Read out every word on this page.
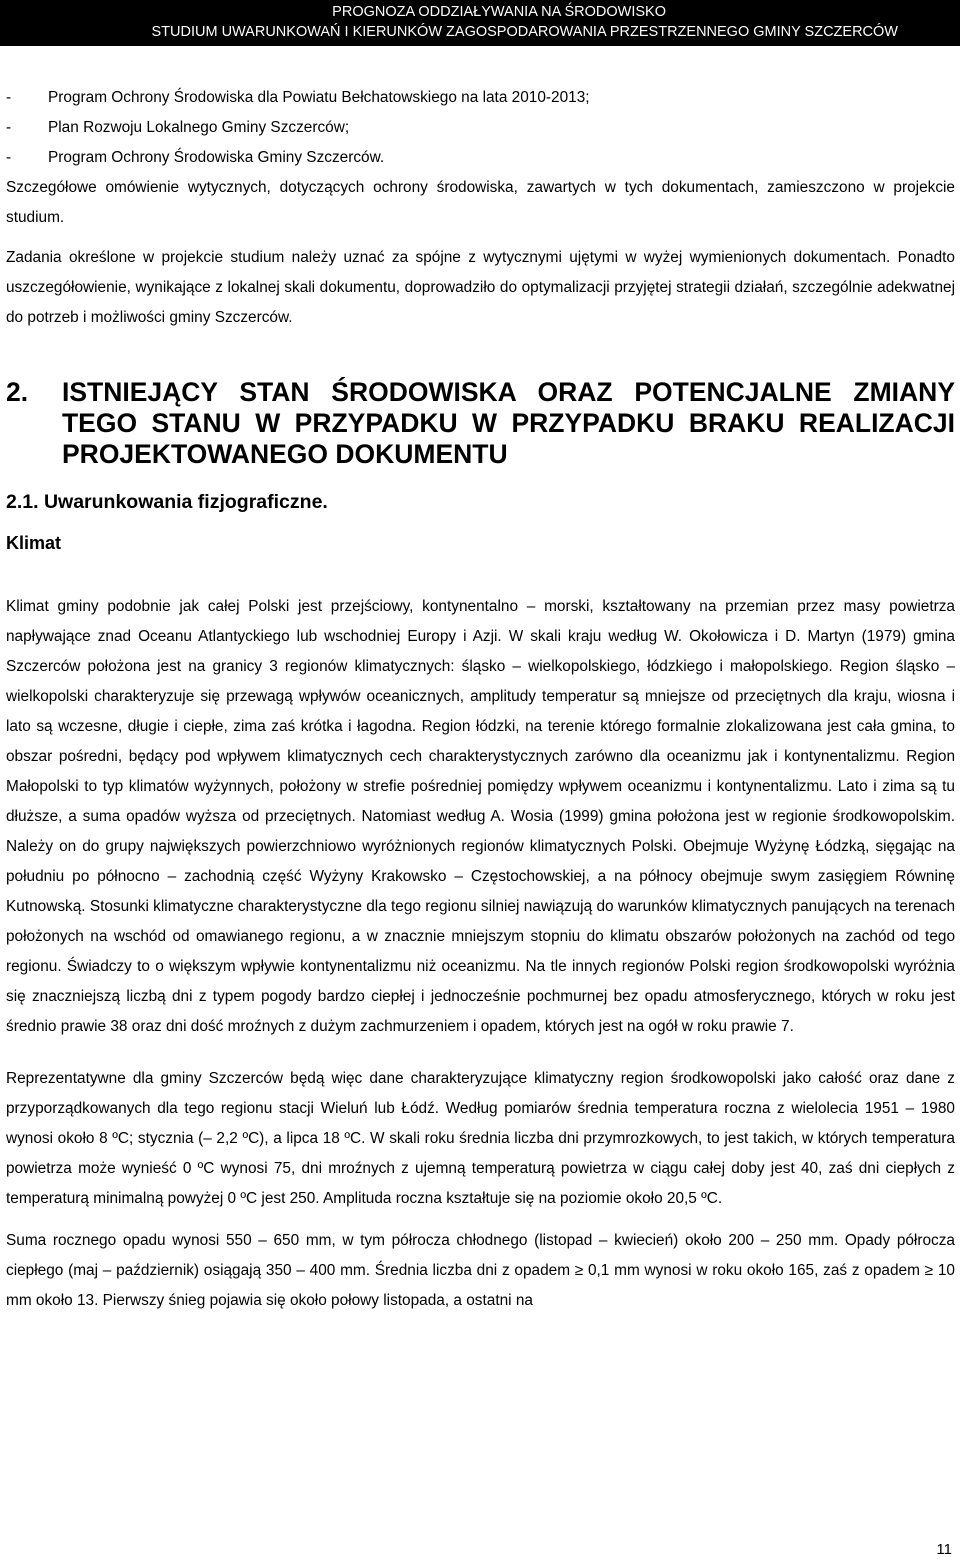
PROGNOZA ODDZIAŁYWANIA NA ŚRODOWISKO
STUDIUM UWARUNKOWAŃ I KIERUNKÓW ZAGOSPODAROWANIA PRZESTRZENNEGO GMINY SZCZERCÓW
-	Program Ochrony Środowiska dla Powiatu Bełchatowskiego na lata 2010-2013;
-	Plan Rozwoju Lokalnego Gminy Szczerców;
-	Program Ochrony Środowiska Gminy Szczerców.

Szczegółowe omówienie wytycznych, dotyczących ochrony środowiska, zawartych w tych dokumentach, zamieszczono w projekcie studium.

Zadania określone w projekcie studium należy uznać za spójne z wytycznymi ujętymi w wyżej wymienionych dokumentach. Ponadto uszczegółowienie, wynikające z lokalnej skali dokumentu, doprowadziło do optymalizacji przyjętej strategii działań, szczególnie adekwatnej do potrzeb i możliwości gminy Szczerców.

2.	ISTNIEJĄCY STAN ŚRODOWISKA ORAZ POTENCJALNE ZMIANY TEGO STANU W PRZYPADKU W PRZYPADKU BRAKU REALIZACJI PROJEKTOWANEGO DOKUMENTU
2.1. Uwarunkowania fizjograficzne.
Klimat

Klimat gminy podobnie jak całej Polski jest przejściowy, kontynentalno – morski, kształtowany na przemian przez masy powietrza napływające znad Oceanu Atlantyckiego lub wschodniej Europy i Azji. W skali kraju według W. Okołowicza i D. Martyn (1979) gmina Szczerców położona jest na granicy 3 regionów klimatycznych: śląsko – wielkopolskiego, łódzkiego i małopolskiego. Region śląsko – wielkopolski charakteryzuje się przewagą wpływów oceanicznych, amplitudy temperatur są mniejsze od przeciętnych dla kraju, wiosna i lato są wczesne, długie i ciepłe, zima zaś krótka i łagodna. Region łódzki, na terenie którego formalnie zlokalizowana jest cała gmina, to obszar pośredni, będący pod wpływem klimatycznych cech charakterystycznych zarówno dla oceanizmu jak i kontynentalizmu. Region Małopolski to typ klimatów wyżynnych, położony w strefie pośredniej pomiędzy wpływem oceanizmu i kontynentalizmu. Lato i zima są tu dłuższe, a suma opadów wyższa od przeciętnych. Natomiast według A. Wosia (1999) gmina położona jest w regionie środkowopolskim. Należy on do grupy największych powierzchniowo wyróżnionych regionów klimatycznych Polski. Obejmuje Wyżynę Łódzką, sięgając na południu po północno – zachodnią część Wyżyny Krakowsko – Częstochowskiej, a na północy obejmuje swym zasięgiem Równinę Kutnowską. Stosunki klimatyczne charakterystyczne dla tego regionu silniej nawiązują do warunków klimatycznych panujących na terenach położonych na wschód od omawianego regionu, a w znacznie mniejszym stopniu do klimatu obszarów położonych na zachód od tego regionu. Świadczy to o większym wpływie kontynentalizmu niż oceanizmu. Na tle innych regionów Polski region środkowopolski wyróżnia się znaczniejszą liczbą dni z typem pogody bardzo ciepłej i jednocześnie pochmurnej bez opadu atmosferycznego, których w roku jest średnio prawie 38 oraz dni dość mroźnych z dużym zachmurzeniem i opadem, których jest na ogół w roku prawie 7.

Reprezentatywne dla gminy Szczerców będą więc dane charakteryzujące klimatyczny region środkowopolski jako całość oraz dane z przyporządkowanych dla tego regionu stacji Wieluń lub Łódź. Według pomiarów średnia temperatura roczna z wielolecia 1951 – 1980 wynosi około 8 ºC; stycznia (– 2,2 ºC), a lipca 18 ºC. W skali roku średnia liczba dni przymrozkowych, to jest takich, w których temperatura powietrza może wynieść 0 ºC wynosi 75, dni mroźnych z ujemną temperaturą powietrza w ciągu całej doby jest 40, zaś dni ciepłych z temperaturą minimalną powyżej 0 ºC jest 250. Amplituda roczna kształtuje się na poziomie około 20,5 ºC.

Suma rocznego opadu wynosi 550 – 650 mm, w tym półrocza chłodnego (listopad – kwiecień) około 200 – 250 mm. Opady półrocza ciepłego (maj – październik) osiągają 350 – 400 mm. Średnia liczba dni z opadem ≥ 0,1 mm wynosi w roku około 165, zaś z opadem ≥ 10 mm około 13. Pierwszy śnieg pojawia się około połowy listopada, a ostatni na

11
